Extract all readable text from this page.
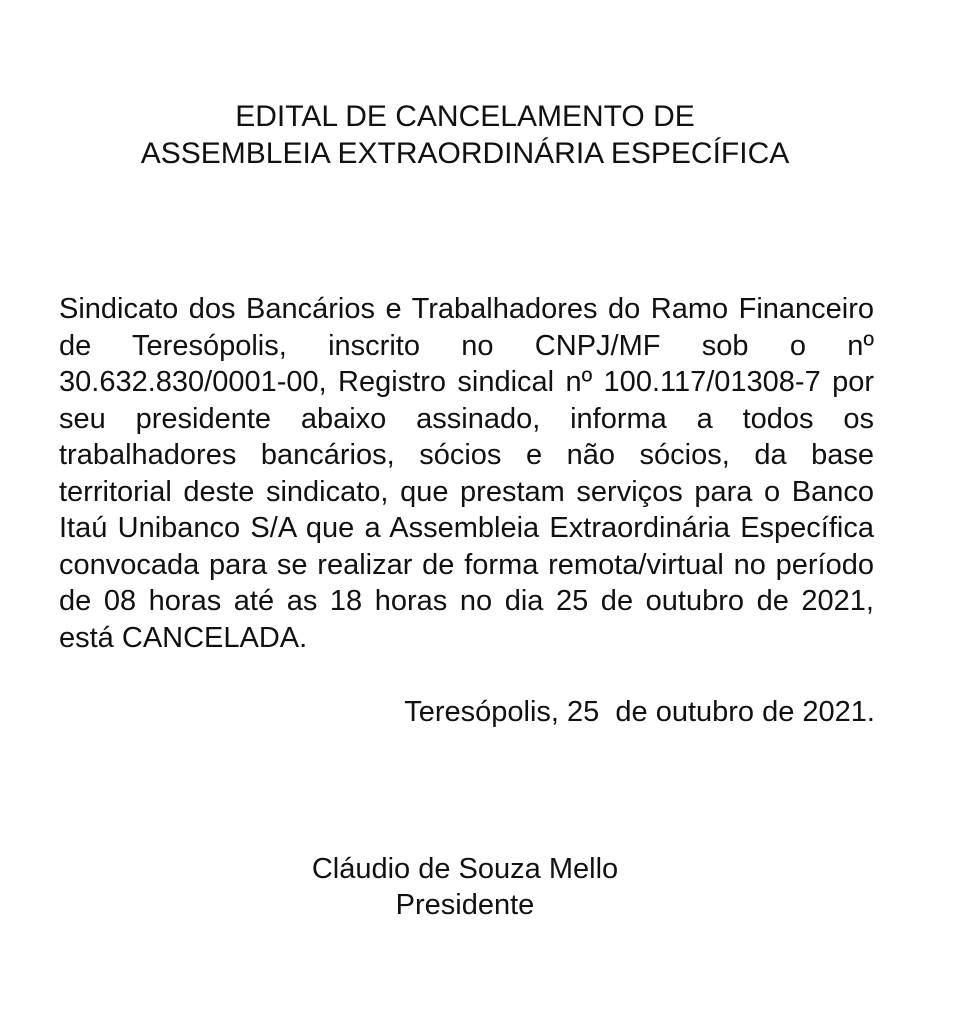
EDITAL DE CANCELAMENTO DE
ASSEMBLEIA EXTRAORDINÁRIA ESPECÍFICA

Sindicato dos Bancários e Trabalhadores do Ramo Financeiro de Teresópolis, inscrito no CNPJ/MF sob o nº 30.632.830/0001-00, Registro sindical nº 100.117/01308-7 por seu presidente abaixo assinado, informa a todos os trabalhadores bancários, sócios e não sócios, da base territorial deste sindicato, que prestam serviços para o Banco Itaú Unibanco S/A que a Assembleia Extraordinária Específica convocada para se realizar de forma remota/virtual no período de 08 horas até as 18 horas no dia 25 de outubro de 2021, está CANCELADA.

Teresópolis, 25  de outubro de 2021.
Cláudio de Souza Mello
Presidente
